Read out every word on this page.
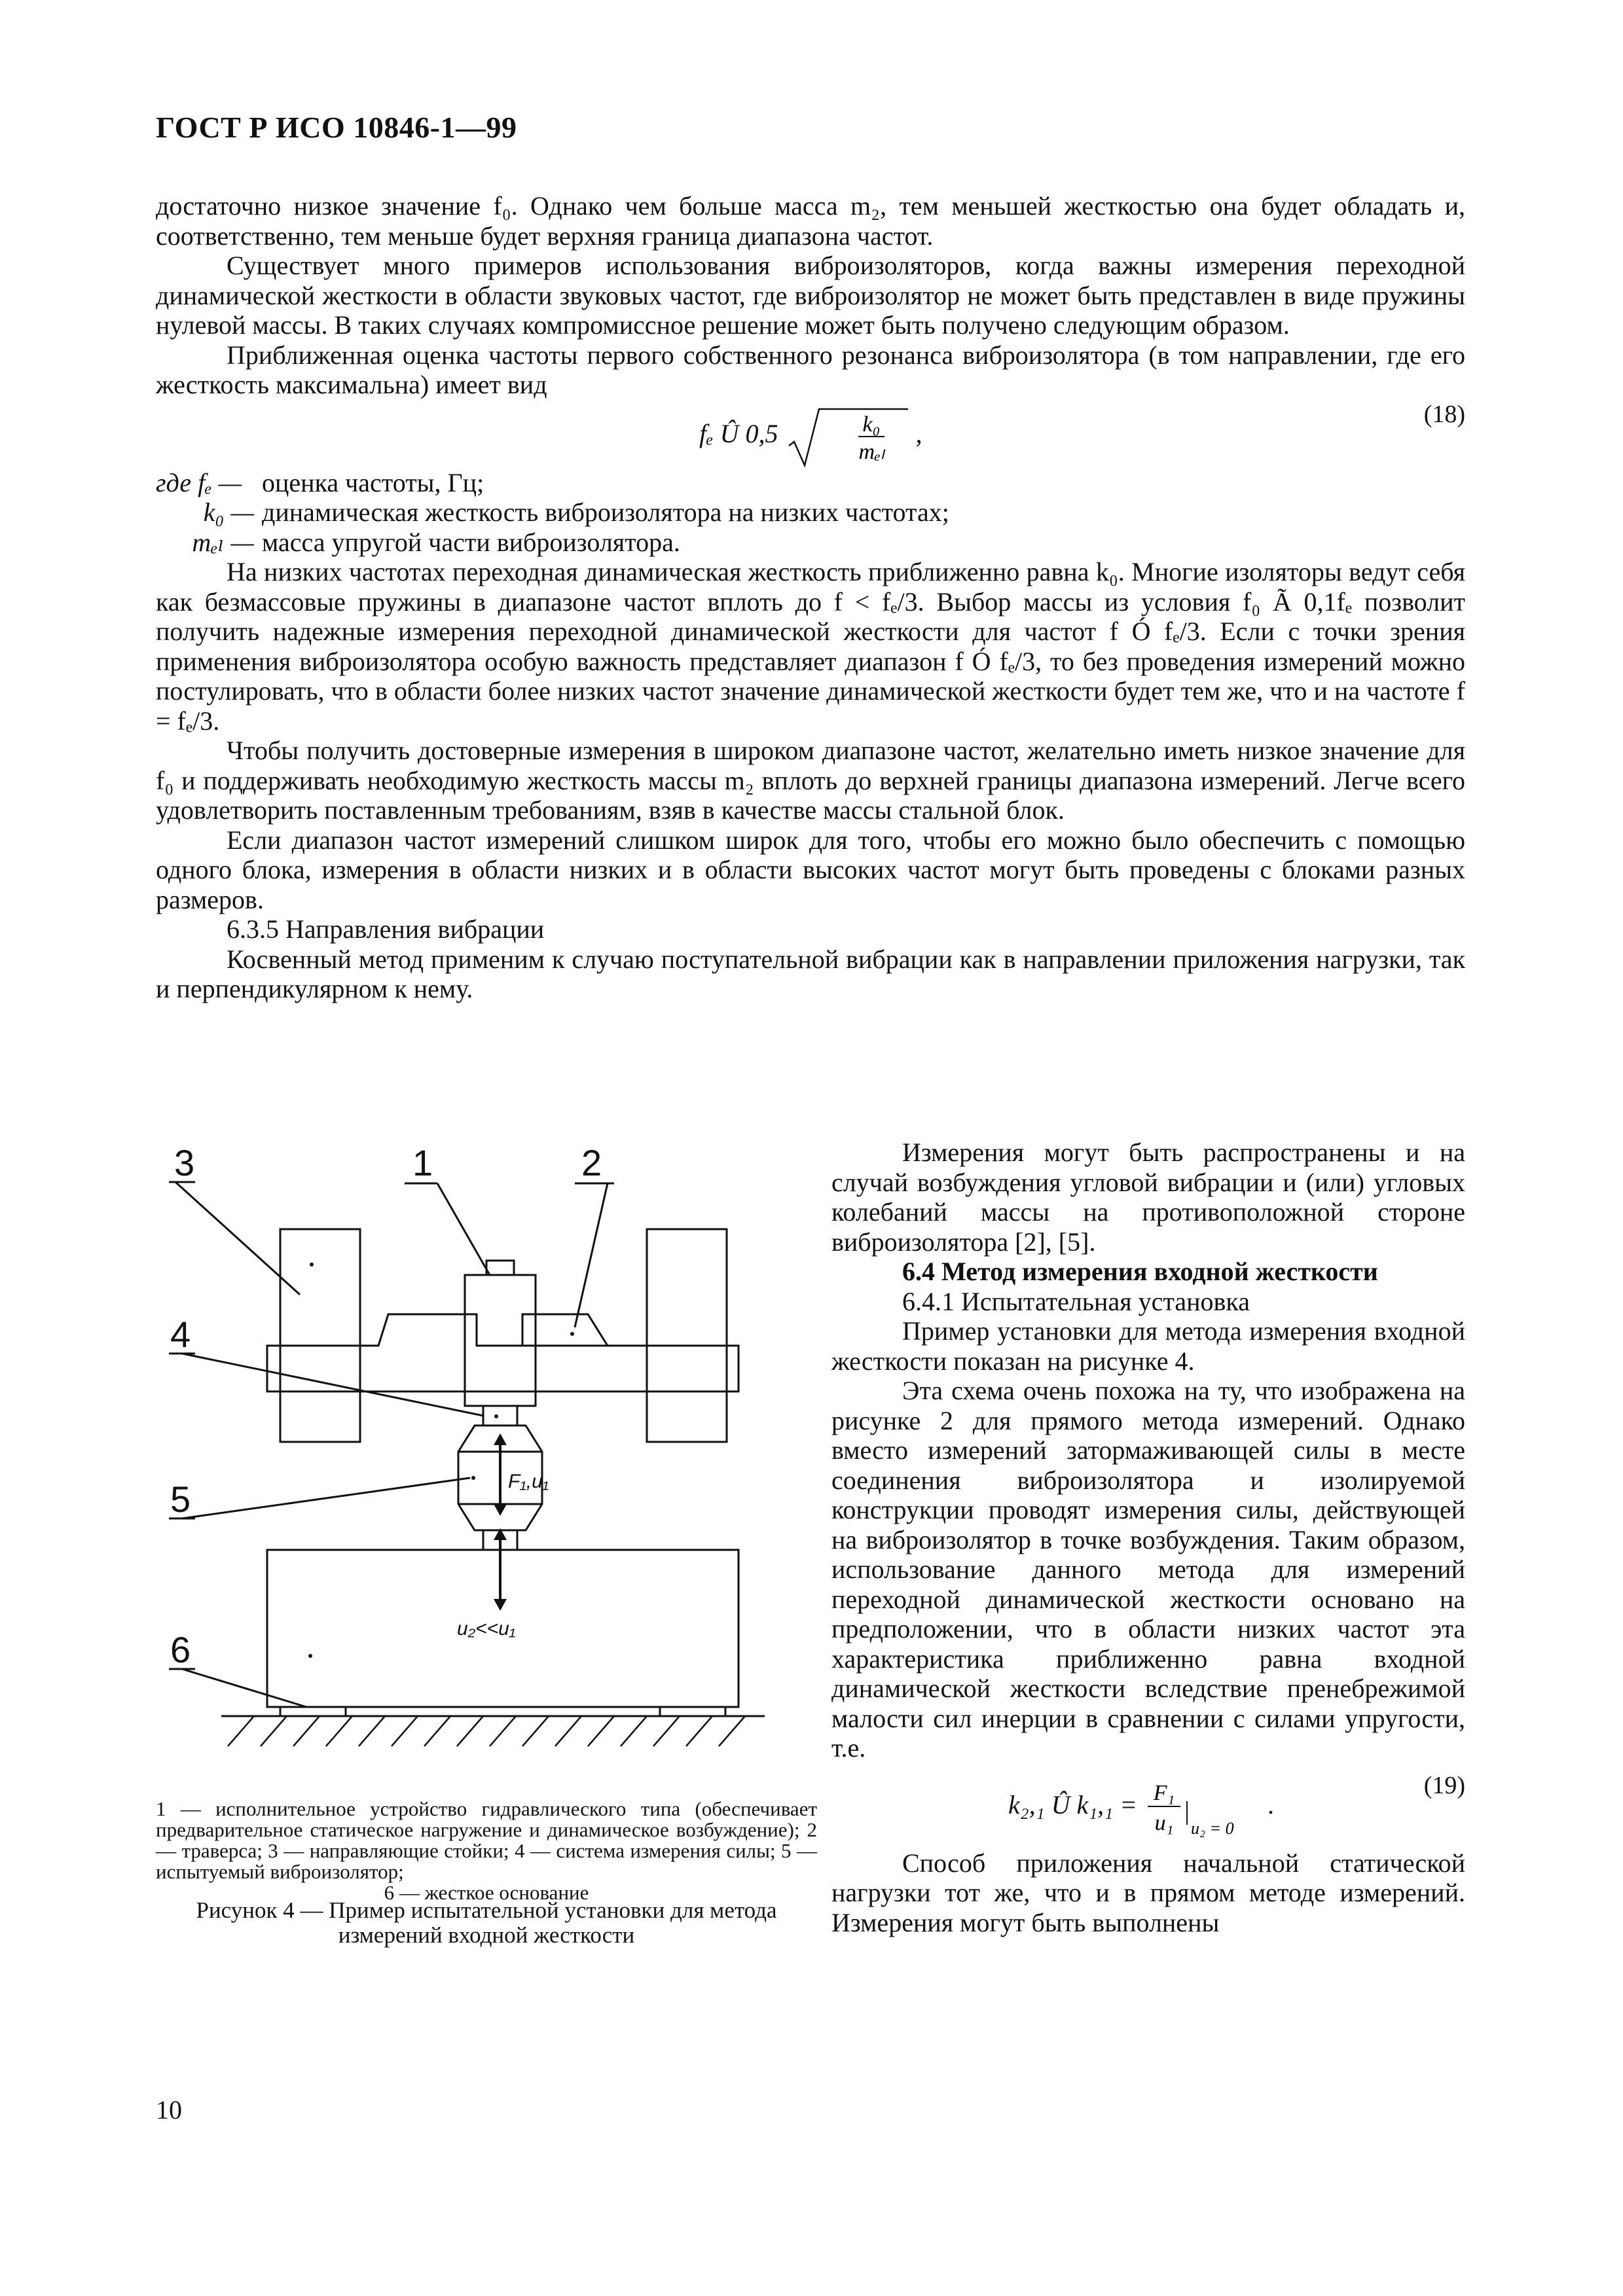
ГОСТ Р ИСО 10846-1—99

достаточно низкое значение f₀. Однако чем больше масса m₂, тем меньшей жесткостью она будет обладать и, соответственно, тем меньше будет верхняя граница диапазона частот.

Существует много примеров использования виброизоляторов, когда важны измерения переходной динамической жесткости в области звуковых частот, где виброизолятор не может быть представлен в виде пружины нулевой массы. В таких случаях компромиссное решение может быть получено следующим образом.

Приближенная оценка частоты первого собственного резонанса виброизолятора (в том направлении, где его жесткость максимальна) имеет вид

fₑ Û 0,5	k₀
mₑₗ
,
(18)
где fₑ — оценка частоты, Гц;
k₀ — динамическая жесткость виброизолятора на низких частотах;
mₑₗ — масса упругой части виброизолятора.

На низких частотах переходная динамическая жесткость приближенно равна k₀. Многие изоляторы ведут себя как безмассовые пружины в диапазоне частот вплоть до f < fₑ/3. Выбор массы из условия f₀ Ã 0,1fₑ позволит получить надежные измерения переходной динамической жесткости для частот f Ó fₑ/3. Если с точки зрения применения виброизолятора особую важность представляет диапазон f Ó fₑ/3, то без проведения измерений можно постулировать, что в области более низких частот значение динамической жесткости будет тем же, что и на частоте f = fₑ/3.

Чтобы получить достоверные измерения в широком диапазоне частот, желательно иметь низкое значение для f₀ и поддерживать необходимую жесткость массы m₂ вплоть до верхней границы диапазона измерений. Легче всего удовлетворить поставленным требованиям, взяв в качестве массы стальной блок.

Если диапазон частот измерений слишком широк для того, чтобы его можно было обеспечить с помощью одного блока, измерения в области низких и в области высоких частот могут быть проведены с блоками разных размеров.

6.3.5 Направления вибрации

Косвенный метод применим к случаю поступательной вибрации как в направлении приложения нагрузки, так и перпендикулярном к нему.

3	1	2
4
5
6
F₁,u₁
u₂<<u₁

1 — исполнительное устройство гидравлического типа (обеспечивает предварительное статическое нагружение и динамическое возбуждение); 2 — траверса; 3 — направляющие стойки; 4 — система измерения силы; 5 — испытуемый виброизолятор;

6 — жесткое основание

Рисунок 4 — Пример испытательной установки для метода измерений входной жесткости

Измерения могут быть распространены и на случай возбуждения угловой вибрации и (или) угловых колебаний массы на противоположной стороне виброизолятора [2], [5].

6.4 Метод измерения входной жесткости

6.4.1 Испытательная установка

Пример установки для метода измерения входной жесткости показан на рисунке 4.

Эта схема очень похожа на ту, что изображена на рисунке 2 для прямого метода измерений. Однако вместо измерений затормаживающей силы в месте соединения виброизолятора и изолируемой конструкции проводят измерения силы, действующей на виброизолятор в точке возбуждения. Таким образом, использование данного метода для измерений переходной динамической жесткости основано на предположении, что в области низких частот эта характеристика приближенно равна входной динамической жесткости вследствие пренебрежимой малости сил инерции в сравнении с силами упругости, т.е.

k₂,₁ Û k₁,₁ = F₁
u₁ u₂ = 0
.
(19)

Способ приложения начальной статической нагрузки тот же, что и в прямом методе измерений. Измерения могут быть выполнены

10
